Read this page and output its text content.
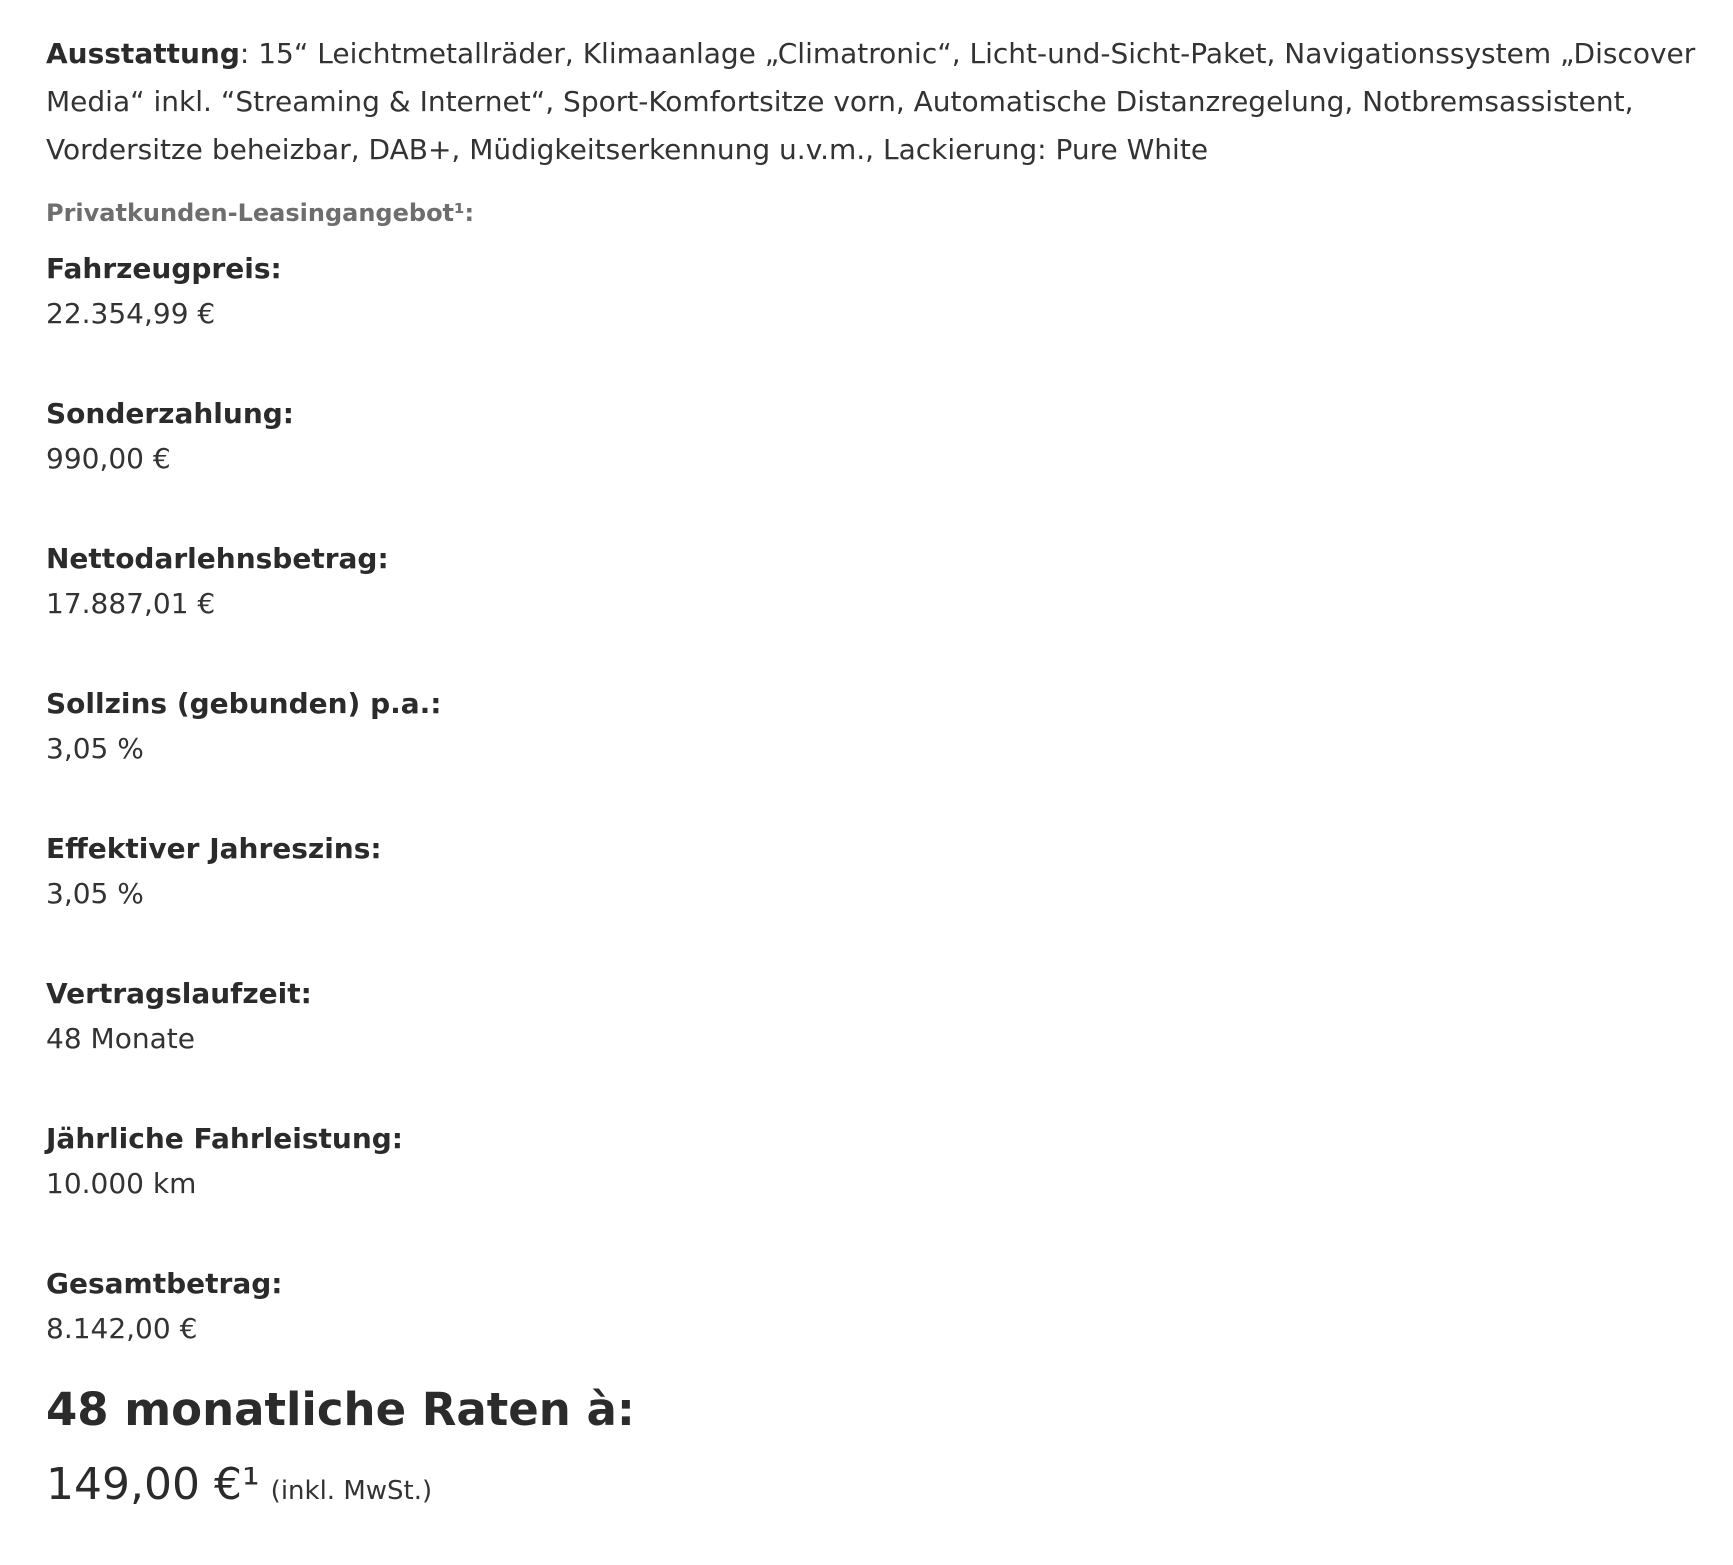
Ausstattung: 15“ Leichtmetallräder, Klimaanlage „Climatronic“, Licht-und-Sicht-Paket, Navigationssystem „Discover Media“ inkl. “Streaming & Internet“, Sport-Komfortsitze vorn, Automatische Distanzregelung, Notbremsassistent, Vordersitze beheizbar, DAB+, Müdigkeitserkennung u.v.m., Lackierung: Pure White

Privatkunden-Leasingangebot¹:
Fahrzeugpreis:
22.354,99 €
Sonderzahlung:
990,00 €
Nettodarlehnsbetrag:
17.887,01 €
Sollzins (gebunden) p.a.:
3,05 %
Effektiver Jahreszins:
3,05 %
Vertragslaufzeit:
48 Monate
Jährliche Fahrleistung:
10.000 km
Gesamtbetrag:
8.142,00 €
48 monatliche Raten à:
149,00 €¹ (inkl. MwSt.)
